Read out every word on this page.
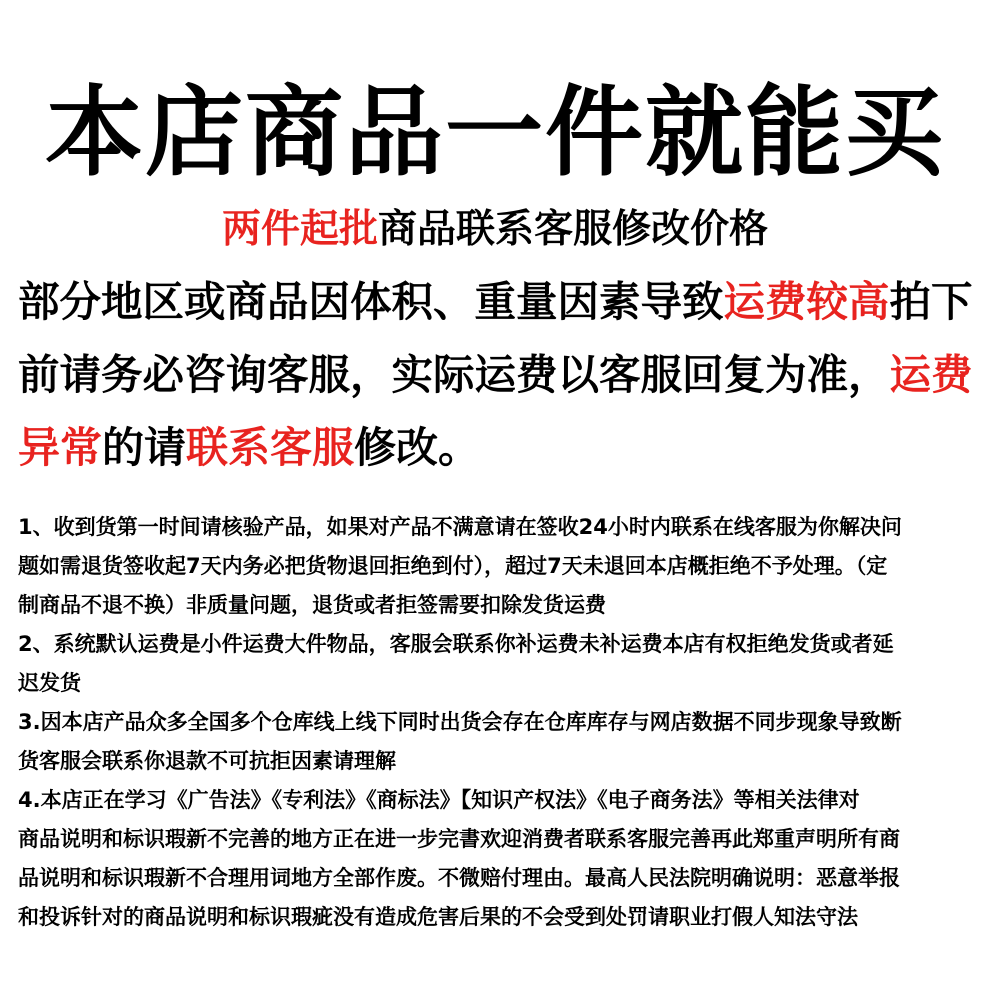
本店商品一件就能买
两件起批商品联系客服修改价格
部分地区或商品因体积、重量因素导致运费较高拍下
前请务必咨询客服，实际运费以客服回复为准，运费
异常的请联系客服修改。
1、收到货第一时间请核验产品，如果对产品不满意请在签收24小时内联系在线客服为你解决问
题如需退货签收起7天内务必把货物退回拒绝到付），超过7天未退回本店概拒绝不予处理。（定
制商品不退不换）非质量问题，退货或者拒签需要扣除发货运费
2、系统默认运费是小件运费大件物品，客服会联系你补运费未补运费本店有权拒绝发货或者延
迟发货
3.因本店产品众多全国多个仓库线上线下同时出货会存在仓库库存与网店数据不同步现象导致断
货客服会联系你退款不可抗拒因素请理解
4.本店正在学习《广告法》《专利法》《商标法》【知识产权法》《电子商务法》等相关法律对
商品说明和标识瑕新不完善的地方正在进一步完書欢迎消费者联系客服完善再此郑重声明所有商
品说明和标识瑕新不合理用词地方全部作废。不微赔付理由。最高人民法院明确说明：恶意举报
和投诉针对的商品说明和标识瑕疵没有造成危害后果的不会受到处罚请职业打假人知法守法
